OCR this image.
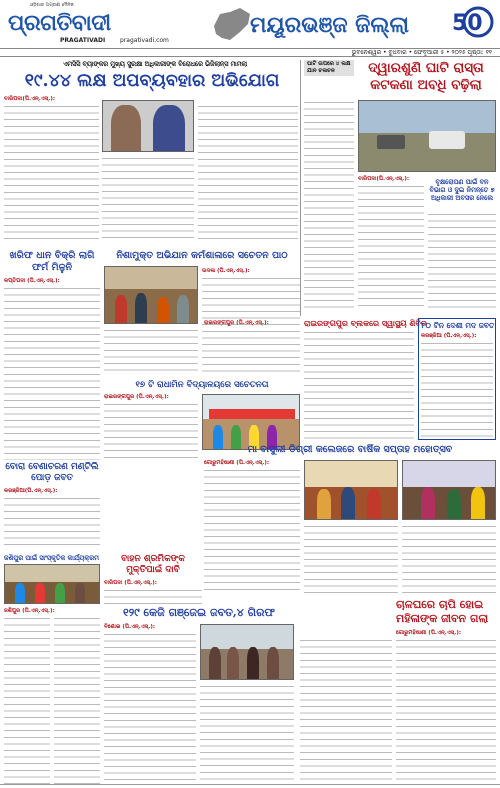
ଓଡ଼ିଶାର ଅଗ୍ରଣୀ ଦୈନିକ
ପ୍ରଗତିବାଦୀ
PRAGATIVADI pragativadi.com
ମୟୂରଭଞ୍ଜ ଜିଲ୍ଲା	50
ଭୁବନେଶ୍ୱର • ବୁଧବାର • ଫେବୃଆରୀ ୫ • ୨୦୨୫ ପୃଷ୍ଠା: ୧୧
ଏମସିସି ବ୍ୟାଙ୍କର ମୁଖ୍ୟ ସୁରକ୍ଷା ଅଧିକାରୀଙ୍କ ବିରୋଧରେ ଭିଜିଲାନ୍ସ ମାମଲା
୧୯.୪୪ ଲକ୍ଷ ଅପବ୍ୟବହାର ଅଭିଯୋଗ
ବାରିପଦା(ପି.ଏନ୍.ଏସ୍.):
ଘାଟି ଉପରେ ୪ ଲକ୍ଷ ଯାନ ଚଳାଚଳ	ଦ୍ୱାରଶୁଣି ଘାଟି ରାସ୍ତା କଟକଣା ଅବଧି ବଢ଼ିଲା
ବାରିପଦା(ପି.ଏନ୍.ଏସ୍.):	ବୃକ୍ଷରୋପଣ ପାଇଁ ବନ ବିଭାଗ ଓ ଦୁଇ ନିମନ୍ତେ ୭ ଅଧିକାରୀ ଅବସର ନେଲେ
ଖରିଫ ଧାନ ବିକ୍ରି ଲାଗି ଫର୍ମ ମିଳୁନି
କପ୍ତିପଦା (ପି.ଏନ୍.ଏସ୍.):
ନିଶାମୁକ୍ତ ଅଭିଯାନ କର୍ମଶାଳାରେ ସଚେତନ ପାଠ
ଉଦଳା (ପି.ଏନ୍.ଏସ୍.):
୧୭ ଟି ରାଧାମିନ ବିଦ୍ୟାଳୟରେ ସଚେତନତା
ରାଇରଙ୍ଗପୁର (ପି.ଏନ୍.ଏସ୍.):
ବୋରା ବେଣାଚରଣ ମଣ୍ଟିଲି ପୋଡ଼ ଜବତ
କରଞ୍ଜିଆ(ପି.ଏନ୍.ଏସ୍.):
ରାଇରଙ୍ଗପୁର ବ୍ଲକରେ ସ୍ୱାସ୍ଥ୍ୟ ଶିବିର
ରାଇରଙ୍ଗପୁର (ପି.ଏନ୍.ଏସ୍.):	୮୦ ଟିନ ଦେଶୀ ମଦ ଜବତ
କରଞ୍ଜିଆ (ପି.ଏନ୍.ଏସ୍.):
ମା ବାସୁଲୀ ଡିଗ୍ରୀ କଲେଜରେ ବାର୍ଷିକ ସପ୍ତାହ ମହୋତ୍ସବ
ଗୋରୁମହିଷାଣୀ (ପି.ଏନ୍.ଏସ୍.):
ଜଶିପୁର ପାଇଁ ସାଂସ୍କୃତିକ କାର୍ଯ୍ୟକ୍ରମ
ଜଶିପୁର (ପି.ଏନ୍.ଏସ୍.):
ବାହନ ଶ୍ରମିକଙ୍କ ମୁକ୍ତିପାଇଁ ଦାବି
ବାରିପଦା (ପି.ଏନ୍.ଏସ୍.):
ଚାଳଘରେ ଚାପି ହୋଇ ମହିଳାଙ୍କ ଜୀବନ ଗଲା
ଗୋରୁମହିଷାଣୀ (ପି.ଏନ୍.ଏସ୍.):
୧୨୯ କେଜି ଗଞ୍ଜେଇ ଜବତ,୪ ଗିରଫ
ବିଶୋଇ (ପି.ଏନ୍.ଏସ୍.):
